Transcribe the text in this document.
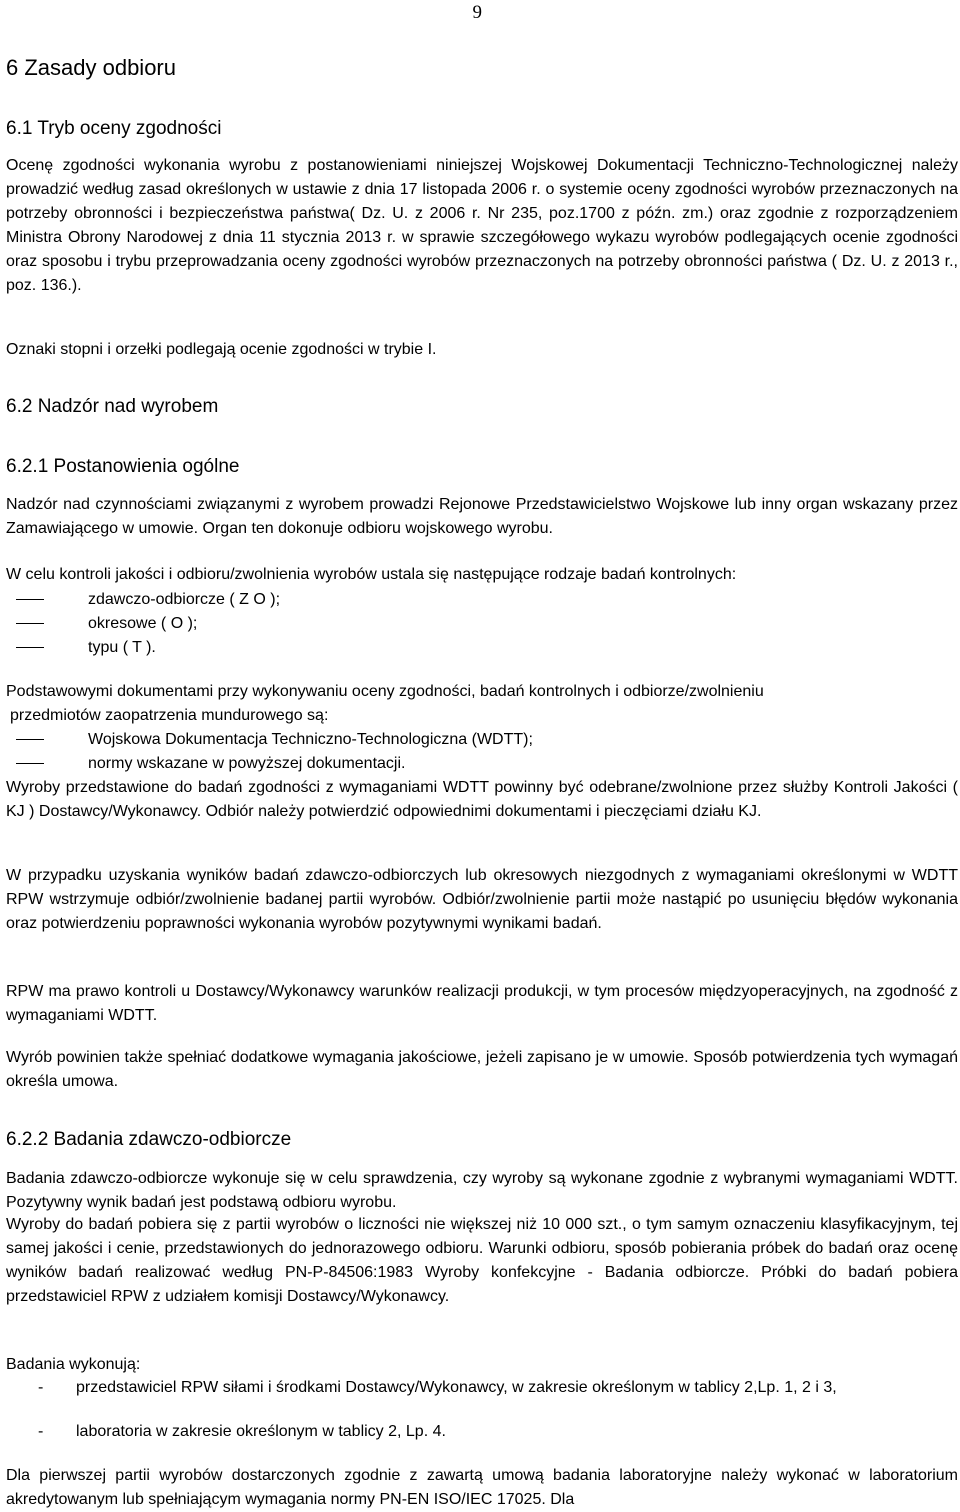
9
6 Zasady odbioru
6.1 Tryb oceny zgodności
Ocenę zgodności wykonania wyrobu z postanowieniami niniejszej Wojskowej Dokumentacji Techniczno-Technologicznej należy prowadzić według zasad określonych w ustawie z dnia 17 listopada 2006 r. o systemie oceny zgodności wyrobów przeznaczonych na potrzeby obronności i bezpieczeństwa państwa( Dz. U. z 2006 r. Nr 235, poz.1700 z późn. zm.) oraz zgodnie z rozporządzeniem Ministra Obrony Narodowej z dnia 11 stycznia 2013 r. w sprawie szczegółowego wykazu wyrobów podlegających ocenie zgodności oraz sposobu i trybu przeprowadzania oceny zgodności wyrobów przeznaczonych na potrzeby obronności państwa ( Dz. U. z 2013 r., poz. 136.).
Oznaki stopni i orzełki podlegają ocenie zgodności w trybie I.
6.2 Nadzór nad wyrobem
6.2.1 Postanowienia ogólne
Nadzór nad czynnościami związanymi z wyrobem prowadzi Rejonowe Przedstawicielstwo Wojskowe lub inny organ wskazany przez Zamawiającego w umowie. Organ ten dokonuje odbioru wojskowego wyrobu.
W celu kontroli jakości i odbioru/zwolnienia wyrobów ustala się następujące rodzaje badań kontrolnych:
zdawczo-odbiorcze ( Z O );
okresowe ( O );
typu ( T ).
Podstawowymi dokumentami przy wykonywaniu oceny zgodności, badań kontrolnych i odbiorze/zwolnieniu
przedmiotów zaopatrzenia mundurowego są:
Wojskowa Dokumentacja Techniczno-Technologiczna (WDTT);
normy wskazane w powyższej dokumentacji.
Wyroby przedstawione do badań zgodności z wymaganiami WDTT powinny być odebrane/zwolnione przez służby Kontroli Jakości ( KJ ) Dostawcy/Wykonawcy. Odbiór należy potwierdzić odpowiednimi dokumentami i pieczęciami działu KJ.
W przypadku uzyskania wyników badań zdawczo-odbiorczych lub okresowych niezgodnych z wymaganiami określonymi w WDTT RPW wstrzymuje odbiór/zwolnienie badanej partii wyrobów. Odbiór/zwolnienie partii może nastąpić po usunięciu błędów wykonania oraz potwierdzeniu poprawności wykonania wyrobów pozytywnymi wynikami badań.
RPW ma prawo kontroli u Dostawcy/Wykonawcy warunków realizacji produkcji, w tym procesów międzyoperacyjnych, na zgodność z wymaganiami WDTT.
Wyrób powinien także spełniać dodatkowe wymagania jakościowe, jeżeli zapisano je w umowie. Sposób potwierdzenia tych wymagań określa umowa.
6.2.2 Badania zdawczo-odbiorcze
Badania zdawczo-odbiorcze wykonuje się w celu sprawdzenia, czy wyroby są wykonane zgodnie z wybranymi wymaganiami WDTT. Pozytywny wynik badań jest podstawą odbioru wyrobu.
Wyroby do badań pobiera się z partii wyrobów o liczności nie większej niż 10 000 szt., o tym samym oznaczeniu klasyfikacyjnym, tej samej jakości i cenie, przedstawionych do jednorazowego odbioru. Warunki odbioru, sposób pobierania próbek do badań oraz ocenę wyników badań realizować według PN-P-84506:1983 Wyroby konfekcyjne - Badania odbiorcze. Próbki do badań pobiera przedstawiciel RPW z udziałem komisji Dostawcy/Wykonawcy.
Badania wykonują:
- przedstawiciel RPW siłami i środkami Dostawcy/Wykonawcy, w zakresie określonym w tablicy 2,Lp. 1, 2 i 3,
- laboratoria w zakresie określonym w tablicy 2, Lp. 4.
Dla pierwszej partii wyrobów dostarczonych zgodnie z zawartą umową badania laboratoryjne należy wykonać w laboratorium akredytowanym lub spełniającym wymagania normy PN-EN ISO/IEC 17025. Dla
